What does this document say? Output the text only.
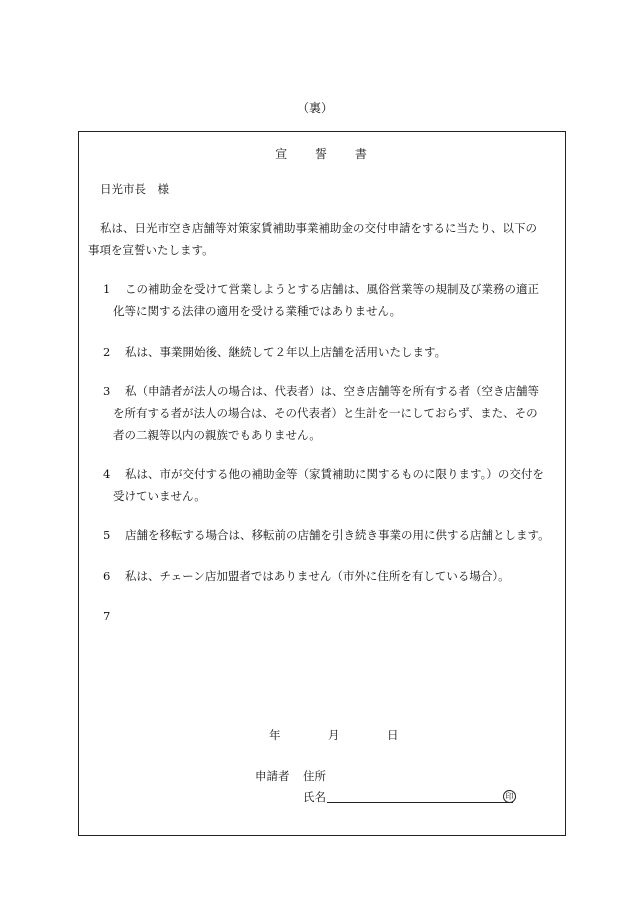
（裏）
宣 誓 書
日光市長　様
私は、日光市空き店舗等対策家賃補助事業補助金の交付申請をするに当たり、以下の
事項を宣誓いたします。
1 この補助金を受けて営業しようとする店舗は、風俗営業等の規制及び業務の適正
化等に関する法律の適用を受ける業種ではありません。
2 私は、事業開始後、継続して２年以上店舗を活用いたします。
3 私（申請者が法人の場合は、代表者）は、空き店舗等を所有する者（空き店舗等
を所有する者が法人の場合は、その代表者）と生計を一にしておらず、また、その
者の二親等以内の親族でもありません。
4 私は、市が交付する他の補助金等（家賃補助に関するものに限ります。）の交付を
受けていません。
5 店舗を移転する場合は、移転前の店舗を引き続き事業の用に供する店舗とします。
6 私は、チェーン店加盟者ではありません（市外に住所を有している場合）。
7
年	月	日
申請者 住所
氏名	印
